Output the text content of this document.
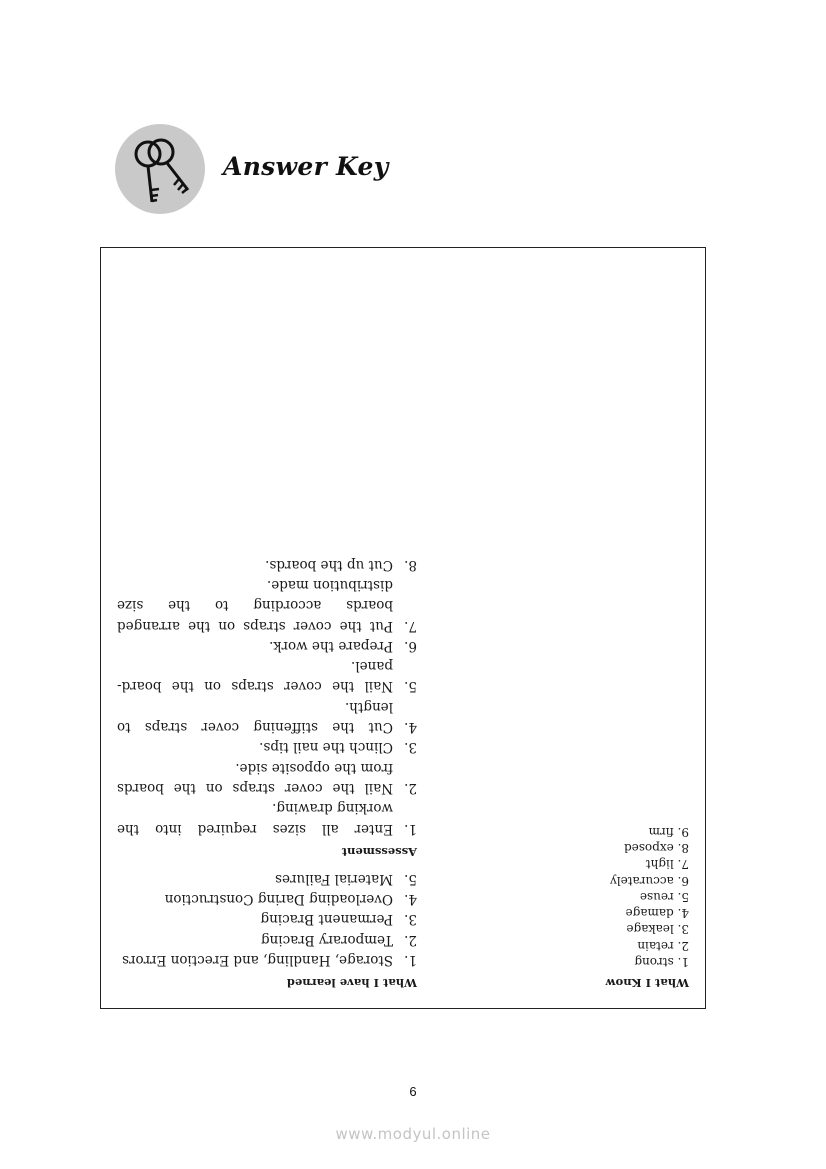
Answer Key
What I Know
1. strong
2. retain
3. leakage
4. damage
5. reuse
6. accurately
7. light
8. exposed
9. firm
What I have learned
1.
Storage, Handling, and Erection Errors
2.
Temporary Bracing
3.
Permanent Bracing
4.
Overloading Daring Construction
5.
Material Failures
Assessment
1.
Enter all sizes required into the working drawing.
2.
Nail the cover straps on the boards from the opposite side.
3.
Clinch the nail tips.
4.
Cut the stiffening cover straps to length.
5.
Nail the cover straps on the board-panel.
6.
Prepare the work.
7.
Put the cover straps on the arranged boards according to the size distribution made.
8.
Cut up the boards.
6
www.modyul.online
